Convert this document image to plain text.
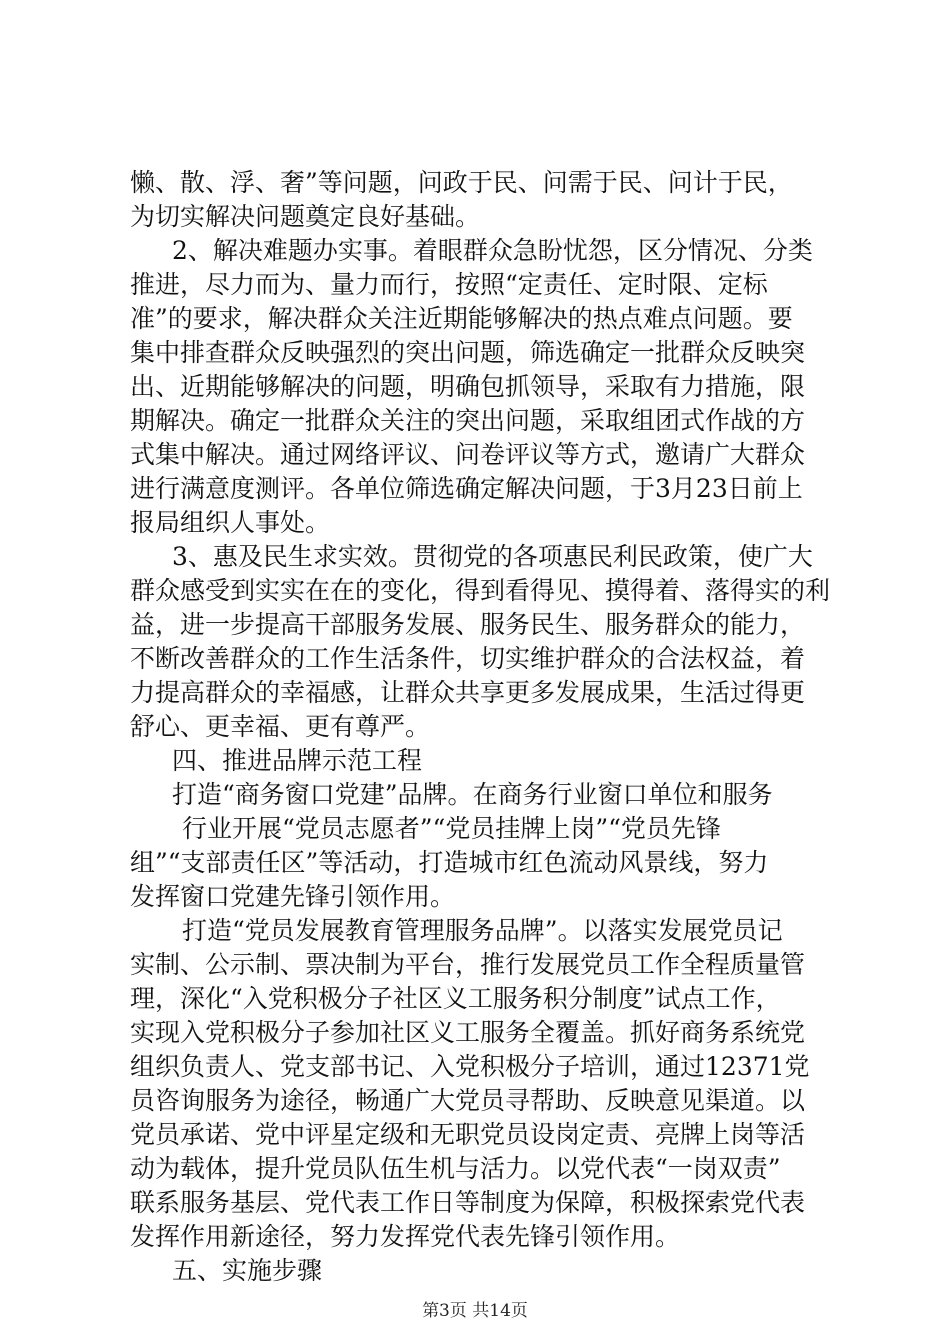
懒、散、浮、奢”等问题，问政于民、问需于民、问计于民，
为切实解决问题奠定良好基础。
2、解决难题办实事。着眼群众急盼忧怨，区分情况、分类
推进，尽力而为、量力而行，按照“定责任、定时限、定标
准”的要求，解决群众关注近期能够解决的热点难点问题。要
集中排查群众反映强烈的突出问题，筛选确定一批群众反映突
出、近期能够解决的问题，明确包抓领导，采取有力措施，限
期解决。确定一批群众关注的突出问题，采取组团式作战的方
式集中解决。通过网络评议、问卷评议等方式，邀请广大群众
进行满意度测评。各单位筛选确定解决问题，于3月23日前上
报局组织人事处。
3、惠及民生求实效。贯彻党的各项惠民利民政策，使广大
群众感受到实实在在的变化，得到看得见、摸得着、落得实的利
益，进一步提高干部服务发展、服务民生、服务群众的能力，
不断改善群众的工作生活条件，切实维护群众的合法权益，着
力提高群众的幸福感，让群众共享更多发展成果，生活过得更
舒心、更幸福、更有尊严。
四、推进品牌示范工程
打造“商务窗口党建”品牌。在商务行业窗口单位和服务
行业开展“党员志愿者”“党员挂牌上岗”“党员先锋
组”“支部责任区”等活动，打造城市红色流动风景线，努力
发挥窗口党建先锋引领作用。
打造“党员发展教育管理服务品牌”。以落实发展党员记
实制、公示制、票决制为平台，推行发展党员工作全程质量管
理，深化“入党积极分子社区义工服务积分制度”试点工作，
实现入党积极分子参加社区义工服务全覆盖。抓好商务系统党
组织负责人、党支部书记、入党积极分子培训，通过12371党
员咨询服务为途径，畅通广大党员寻帮助、反映意见渠道。以
党员承诺、党中评星定级和无职党员设岗定责、亮牌上岗等活
动为载体，提升党员队伍生机与活力。以党代表“一岗双责”
联系服务基层、党代表工作日等制度为保障，积极探索党代表
发挥作用新途径，努力发挥党代表先锋引领作用。
五、实施步骤
第3页 共14页
